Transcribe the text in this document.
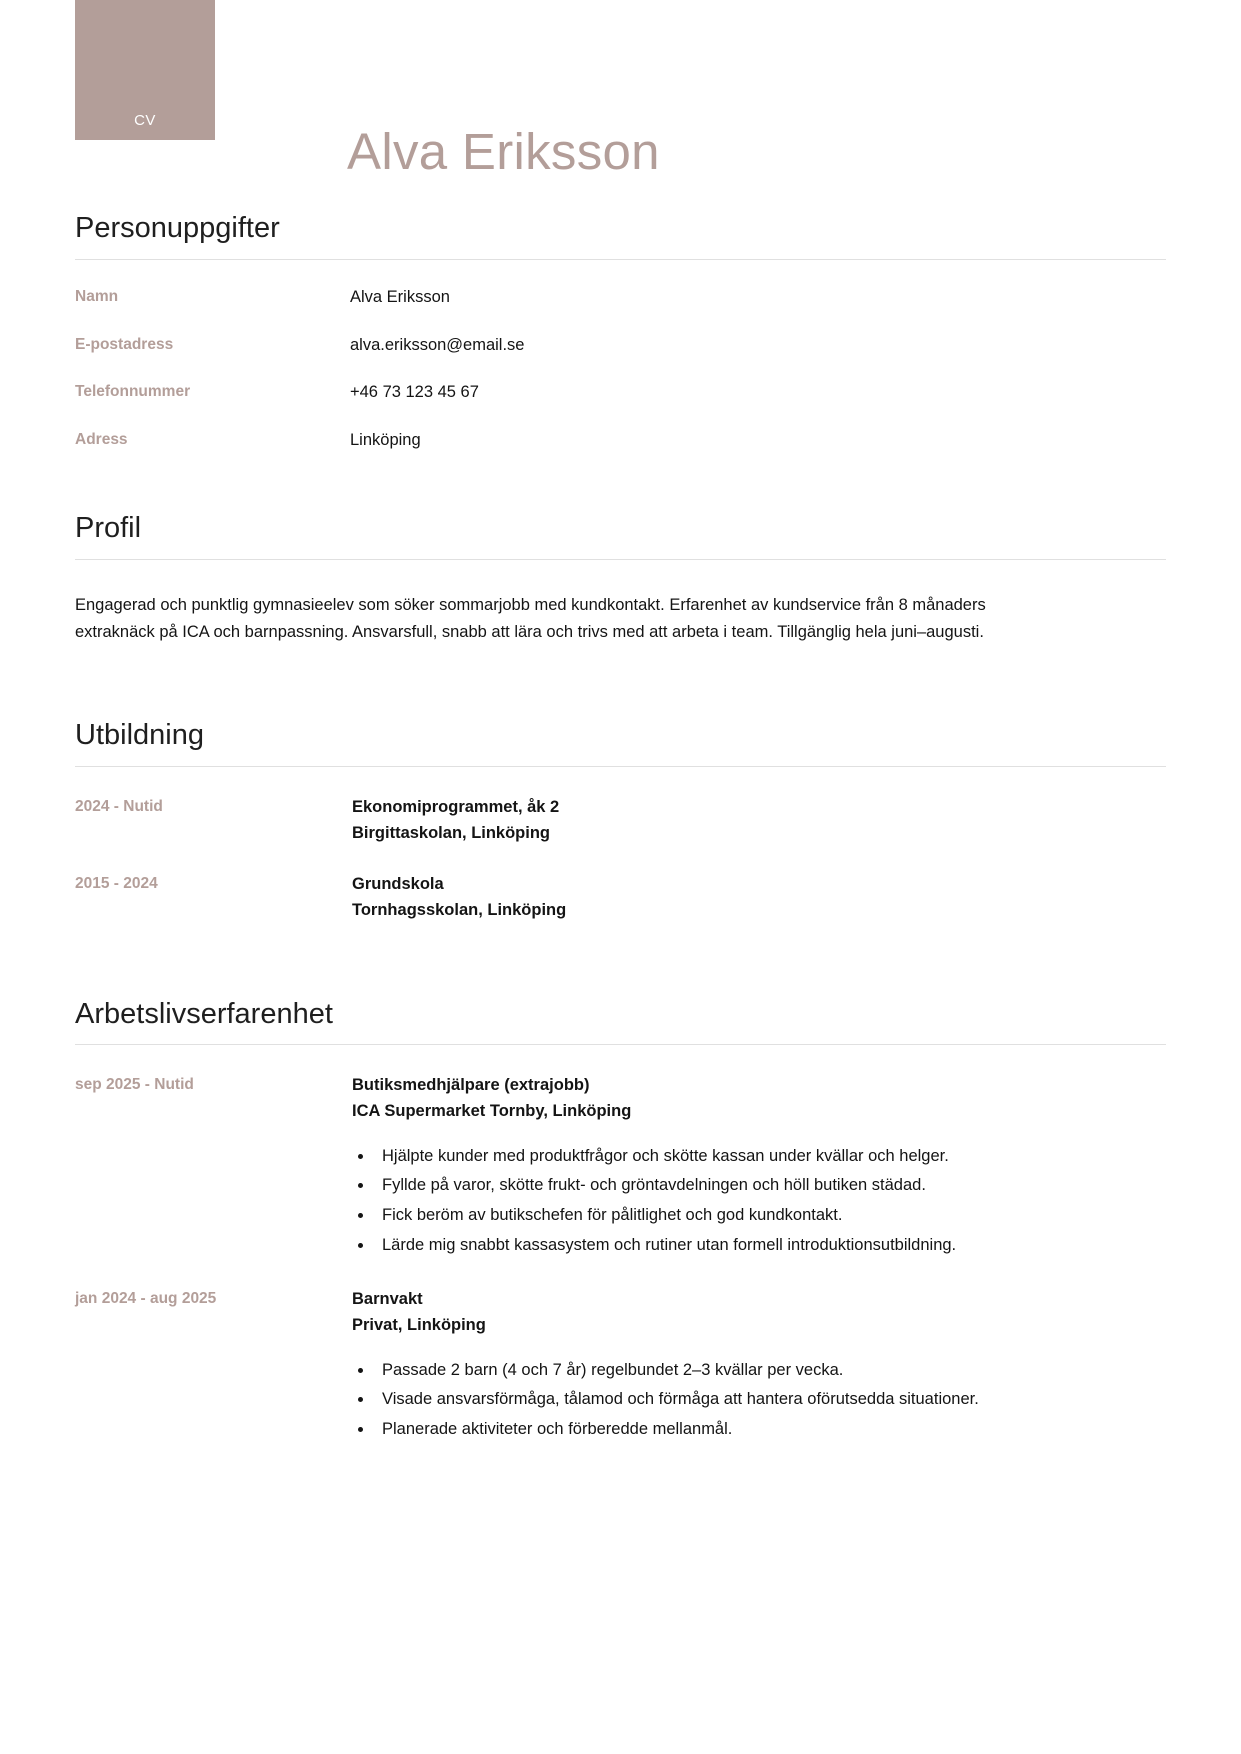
CV
Alva Eriksson
Personuppgifter
Namn	Alva Eriksson
E-postadress	alva.eriksson@email.se
Telefonnummer	+46 73 123 45 67
Adress	Linköping
Profil

Engagerad och punktlig gymnasieelev som söker sommarjobb med kundkontakt. Erfarenhet av kundservice från 8 månaders extraknäck på ICA och barnpassning. Ansvarsfull, snabb att lära och trivs med att arbeta i team. Tillgänglig hela juni–augusti.

Utbildning
2024 - Nutid	Ekonomiprogrammet, åk 2
Birgittaskolan, Linköping
2015 - 2024	Grundskola
Tornhagsskolan, Linköping
Arbetslivserfarenhet
sep 2025 - Nutid	Butiksmedhjälpare (extrajobb)
ICA Supermarket Tornby, Linköping
• Hjälpte kunder med produktfrågor och skötte kassan under kvällar och helger.
• Fyllde på varor, skötte frukt- och gröntavdelningen och höll butiken städad.
• Fick beröm av butikschefen för pålitlighet och god kundkontakt.
• Lärde mig snabbt kassasystem och rutiner utan formell introduktionsutbildning.
jan 2024 - aug 2025	Barnvakt
Privat, Linköping
• Passade 2 barn (4 och 7 år) regelbundet 2–3 kvällar per vecka.
• Visade ansvarsförmåga, tålamod och förmåga att hantera oförutsedda situationer.
• Planerade aktiviteter och förberedde mellanmål.
